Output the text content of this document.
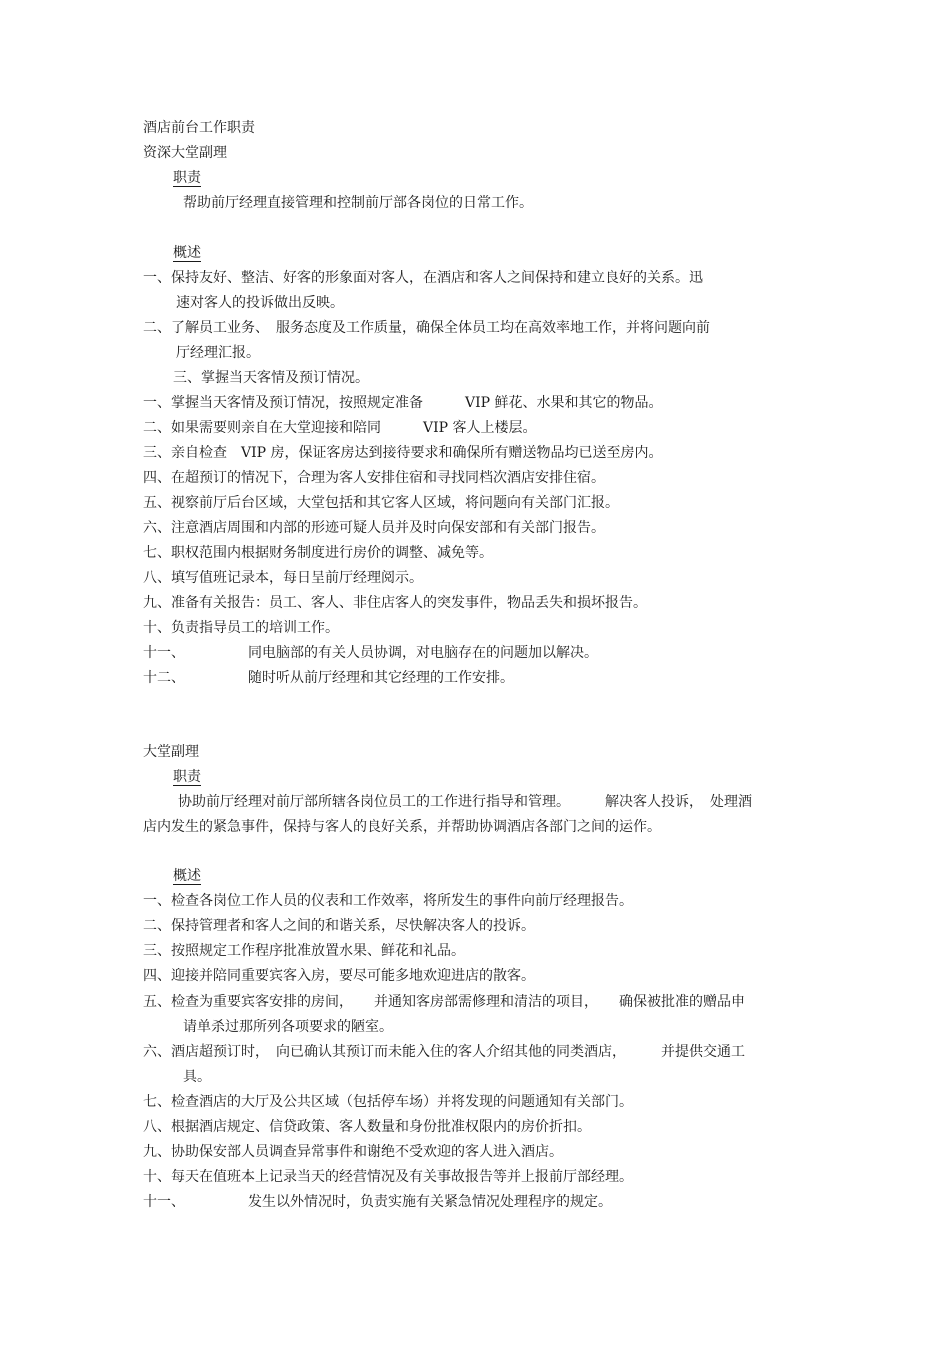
酒店前台工作职责
资深大堂副理
职责
帮助前厅经理直接管理和控制前厅部各岗位的日常工作。
概述
一、保持友好、整洁、好客的形象面对客人，在酒店和客人之间保持和建立良好的关系。迅
速对客人的投诉做出反映。
二、了解员工业务、　服务态度及工作质量，确保全体员工均在高效率地工作，并将问题向前
厅经理汇报。
三、掌握当天客情及预订情况。
一、掌握当天客情及预订情况，按照规定准备　　　VIP 鲜花、水果和其它的物品。
二、如果需要则亲自在大堂迎接和陪同　　　VIP 客人上楼层。
三、亲自检查　VIP 房，保证客房达到接待要求和确保所有赠送物品均已送至房内。
四、在超预订的情况下，合理为客人安排住宿和寻找同档次酒店安排住宿。
五、视察前厅后台区域，大堂包括和其它客人区域，将问题向有关部门汇报。
六、注意酒店周围和内部的形迹可疑人员并及时向保安部和有关部门报告。
七、职权范围内根据财务制度进行房价的调整、减免等。
八、填写值班记录本，每日呈前厅经理阅示。
九、准备有关报告：员工、客人、非住店客人的突发事件，物品丢失和损坏报告。
十、负责指导员工的培训工作。
十一、　　　　　同电脑部的有关人员协调，对电脑存在的问题加以解决。
十二、　　　　　随时听从前厅经理和其它经理的工作安排。
大堂副理
职责
协助前厅经理对前厅部所辖各岗位员工的工作进行指导和管理。　　　解决客人投诉，　处理酒
店内发生的紧急事件，保持与客人的良好关系，并帮助协调酒店各部门之间的运作。
概述
一、检查各岗位工作人员的仪表和工作效率，将所发生的事件向前厅经理报告。
二、保持管理者和客人之间的和谐关系，尽快解决客人的投诉。
三、按照规定工作程序批准放置水果、鲜花和礼品。
四、迎接并陪同重要宾客入房，要尽可能多地欢迎进店的散客。
五、检查为重要宾客安排的房间，　　并通知客房部需修理和清洁的项目，　　确保被批准的赠品申
请单杀过那所列各项要求的陋室。
六、酒店超预订时，　向已确认其预订而未能入住的客人介绍其他的同类酒店，　　　并提供交通工
具。
七、检查酒店的大厅及公共区域（包括停车场）并将发现的问题通知有关部门。
八、根据酒店规定、信贷政策、客人数量和身份批准权限内的房价折扣。
九、协助保安部人员调查异常事件和谢绝不受欢迎的客人进入酒店。
十、每天在值班本上记录当天的经营情况及有关事故报告等并上报前厅部经理。
十一、　　　　　发生以外情况时，负责实施有关紧急情况处理程序的规定。
